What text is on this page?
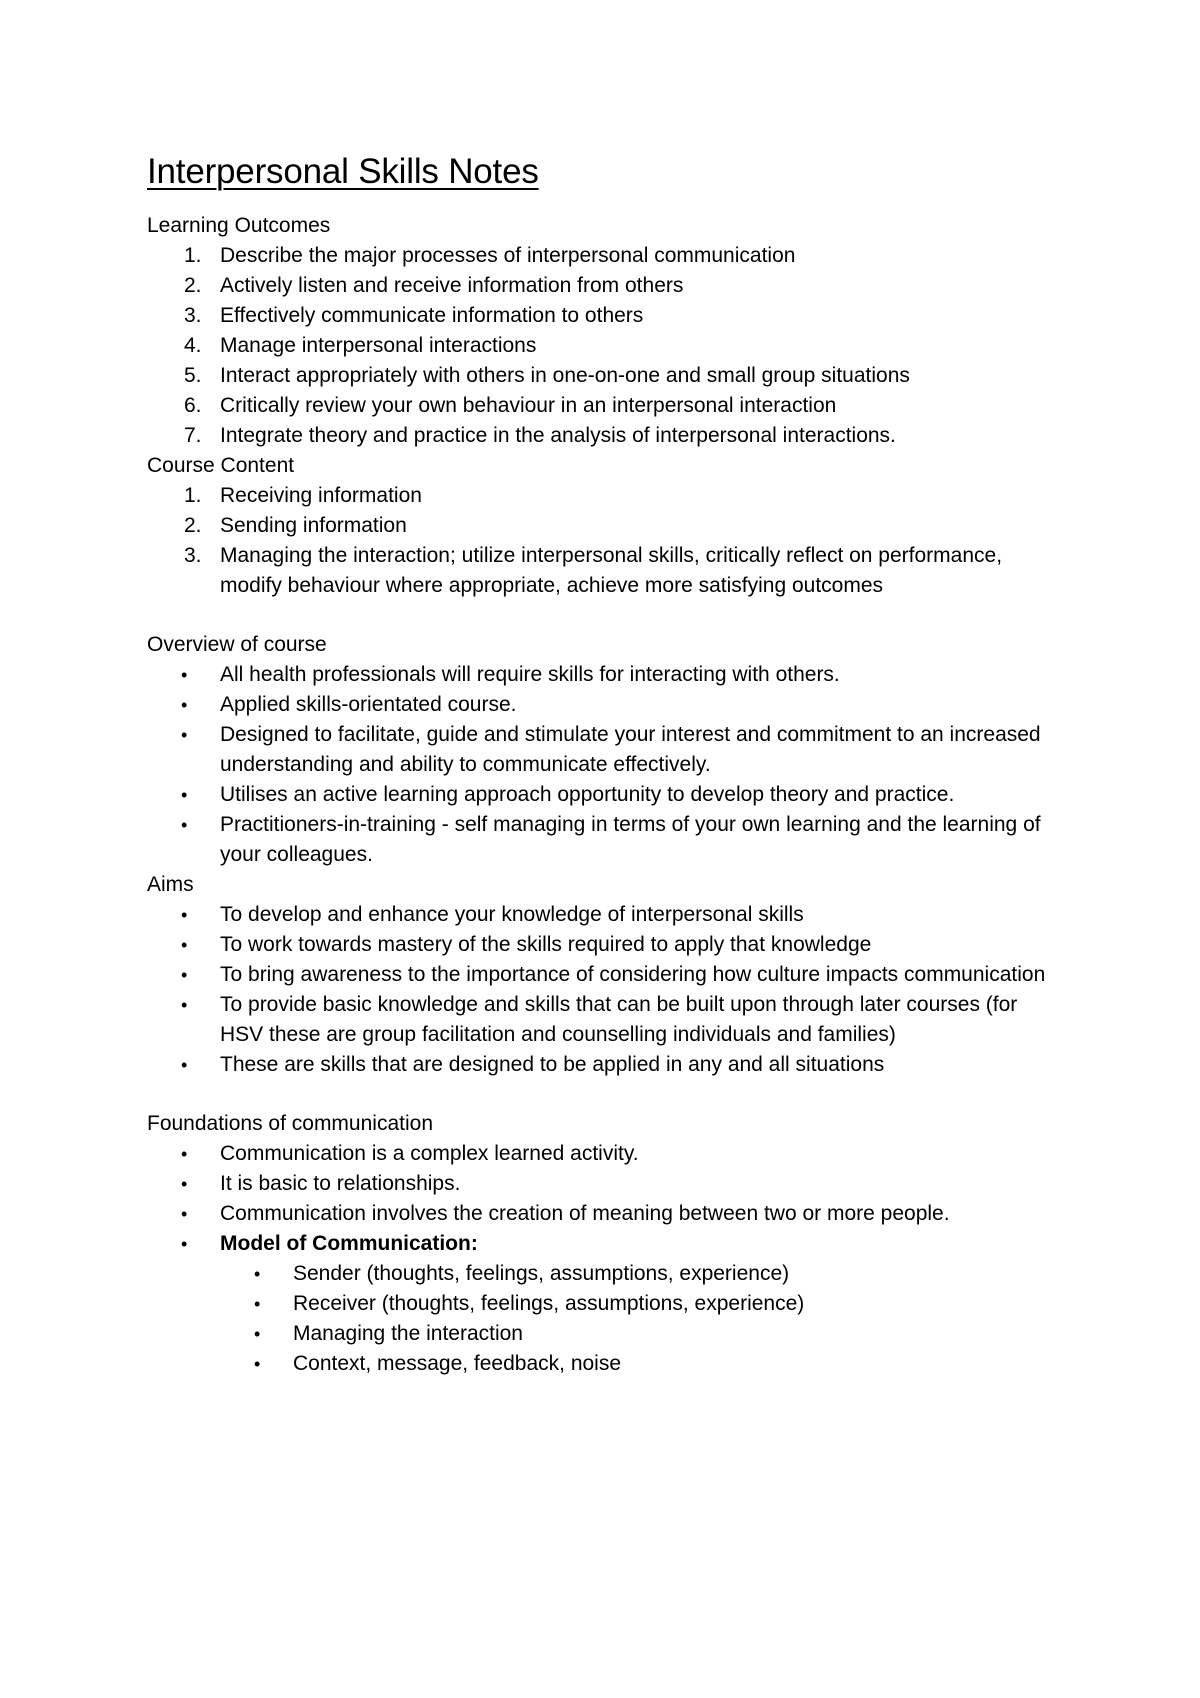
Interpersonal Skills Notes

Learning Outcomes

1. Describe the major processes of interpersonal communication
2. Actively listen and receive information from others
3. Effectively communicate information to others
4. Manage interpersonal interactions
5. Interact appropriately with others in one-on-one and small group situations
6. Critically review your own behaviour in an interpersonal interaction
7. Integrate theory and practice in the analysis of interpersonal interactions.

Course Content

1. Receiving information
2. Sending information
3. Managing the interaction; utilize interpersonal skills, critically reflect on performance, modify behaviour where appropriate, achieve more satisfying outcomes

Overview of course

•	All health professionals will require skills for interacting with others.
•	Applied skills-orientated course.
•	Designed to facilitate, guide and stimulate your interest and commitment to an increased understanding and ability to communicate effectively.
•	Utilises an active learning approach opportunity to develop theory and practice.
•	Practitioners-in-training - self managing in terms of your own learning and the learning of your colleagues.

Aims

•	To develop and enhance your knowledge of interpersonal skills
•	To work towards mastery of the skills required to apply that knowledge
•	To bring awareness to the importance of considering how culture impacts communication
•	To provide basic knowledge and skills that can be built upon through later courses (for HSV these are group facilitation and counselling individuals and families)
•	These are skills that are designed to be applied in any and all situations

Foundations of communication

•	Communication is a complex learned activity.
•	It is basic to relationships.
•	Communication involves the creation of meaning between two or more people.
•	Model of Communication:
•	Sender (thoughts, feelings, assumptions, experience)
•	Receiver (thoughts, feelings, assumptions, experience)
•	Managing the interaction
•	Context, message, feedback, noise
